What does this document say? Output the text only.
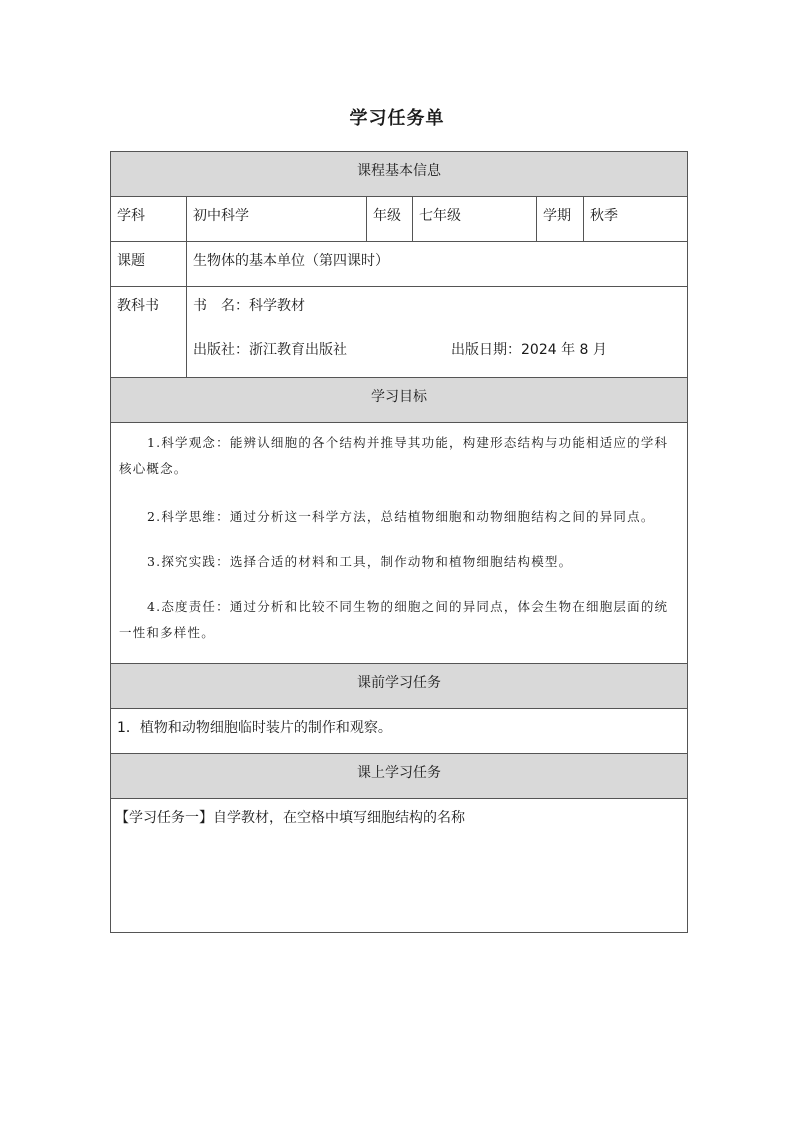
学习任务单
课程基本信息
学科	初中科学	年级	七年级	学期	秋季
课题	生物体的基本单位（第四课时）
教科书	书　名：科学教材
出版社：浙江教育出版社	出版日期：2024 年 8 月
学习目标
1.科学观念：能辨认细胞的各个结构并推导其功能，构建形态结构与功能相适应的学科核心概念。
2.科学思维：通过分析这一科学方法，总结植物细胞和动物细胞结构之间的异同点。
3.探究实践：选择合适的材料和工具，制作动物和植物细胞结构模型。
4.态度责任：通过分析和比较不同生物的细胞之间的异同点，体会生物在细胞层面的统一性和多样性。
课前学习任务
1．植物和动物细胞临时装片的制作和观察。
课上学习任务
【学习任务一】自学教材，在空格中填写细胞结构的名称
